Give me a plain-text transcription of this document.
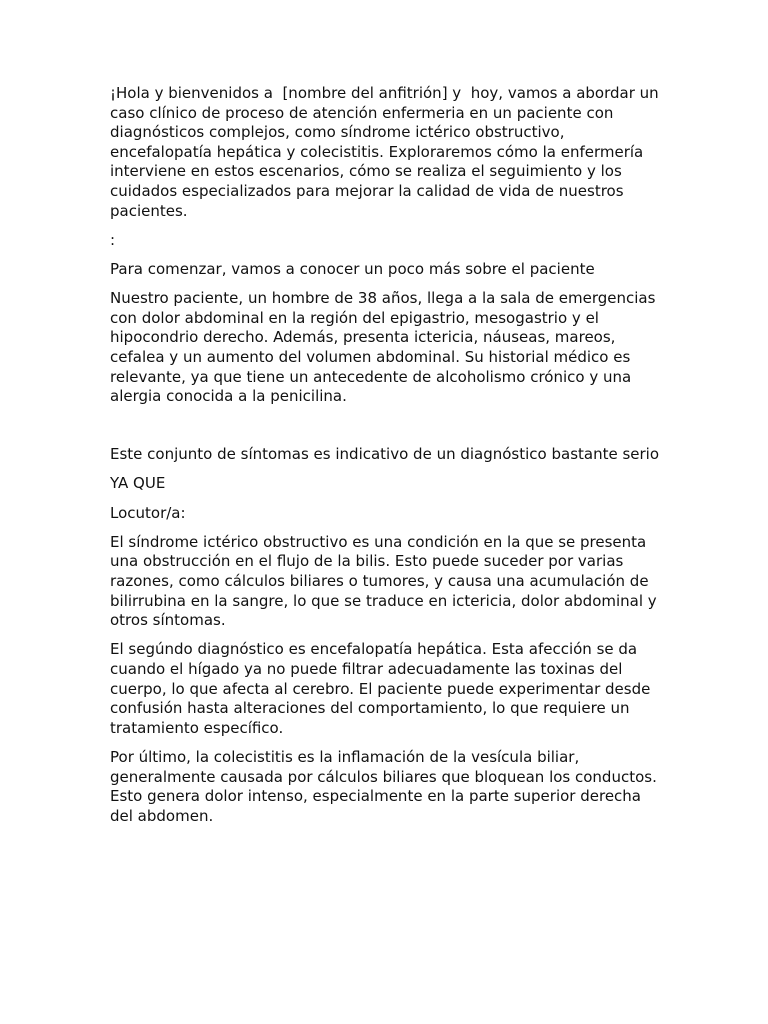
¡Hola y bienvenidos a  [nombre del anfitrión] y  hoy, vamos a abordar un caso clínico de proceso de atención enfermeria en un paciente con diagnósticos complejos, como síndrome ictérico obstructivo, encefalopatía hepática y colecistitis. Exploraremos cómo la enfermería interviene en estos escenarios, cómo se realiza el seguimiento y los cuidados especializados para mejorar la calidad de vida de nuestros pacientes.

:

Para comenzar, vamos a conocer un poco más sobre el paciente

Nuestro paciente, un hombre de 38 años, llega a la sala de emergencias con dolor abdominal en la región del epigastrio, mesogastrio y el hipocondrio derecho. Además, presenta ictericia, náuseas, mareos, cefalea y un aumento del volumen abdominal. Su historial médico es relevante, ya que tiene un antecedente de alcoholismo crónico y una alergia conocida a la penicilina.

Este conjunto de síntomas es indicativo de un diagnóstico bastante serio

YA QUE

Locutor/a:

El síndrome ictérico obstructivo es una condición en la que se presenta una obstrucción en el flujo de la bilis. Esto puede suceder por varias razones, como cálculos biliares o tumores, y causa una acumulación de bilirrubina en la sangre, lo que se traduce en ictericia, dolor abdominal y otros síntomas.

El segúndo diagnóstico es encefalopatía hepática. Esta afección se da cuando el hígado ya no puede filtrar adecuadamente las toxinas del cuerpo, lo que afecta al cerebro. El paciente puede experimentar desde confusión hasta alteraciones del comportamiento, lo que requiere un tratamiento específico.

Por último, la colecistitis es la inflamación de la vesícula biliar, generalmente causada por cálculos biliares que bloquean los conductos. Esto genera dolor intenso, especialmente en la parte superior derecha del abdomen.
